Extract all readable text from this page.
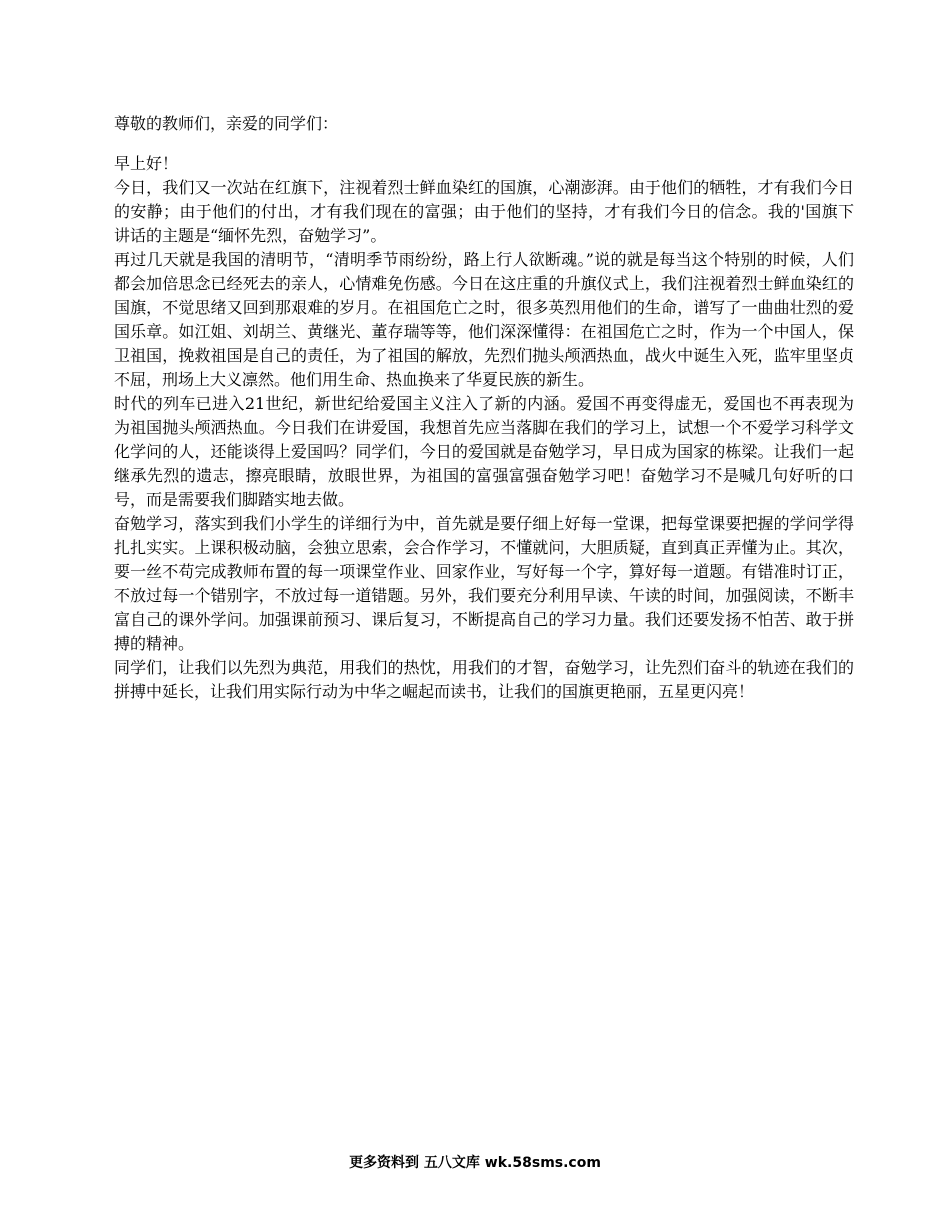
尊敬的教师们，亲爱的同学们：

早上好！

今日，我们又一次站在红旗下，注视着烈士鲜血染红的国旗，心潮澎湃。由于他们的牺牲，才有我们今日的安静；由于他们的付出，才有我们现在的富强；由于他们的坚持，才有我们今日的信念。我的'国旗下讲话的主题是“缅怀先烈，奋勉学习”。

再过几天就是我国的清明节，“清明季节雨纷纷，路上行人欲断魂。”说的就是每当这个特别的时候，人们都会加倍思念已经死去的亲人，心情难免伤感。今日在这庄重的升旗仪式上，我们注视着烈士鲜血染红的国旗，不觉思绪又回到那艰难的岁月。在祖国危亡之时，很多英烈用他们的生命，谱写了一曲曲壮烈的爱国乐章。如江姐、刘胡兰、黄继光、董存瑞等等，他们深深懂得：在祖国危亡之时，作为一个中国人，保卫祖国，挽救祖国是自己的责任，为了祖国的解放，先烈们抛头颅洒热血，战火中诞生入死，监牢里坚贞不屈，刑场上大义凛然。他们用生命、热血换来了华夏民族的新生。

时代的列车已进入21世纪，新世纪给爱国主义注入了新的内涵。爱国不再变得虚无，爱国也不再表现为为祖国抛头颅洒热血。今日我们在讲爱国，我想首先应当落脚在我们的学习上，试想一个不爱学习科学文化学问的人，还能谈得上爱国吗？同学们，今日的爱国就是奋勉学习，早日成为国家的栋梁。让我们一起继承先烈的遗志，擦亮眼睛，放眼世界，为祖国的富强富强奋勉学习吧！奋勉学习不是喊几句好听的口号，而是需要我们脚踏实地去做。

奋勉学习，落实到我们小学生的详细行为中，首先就是要仔细上好每一堂课，把每堂课要把握的学问学得扎扎实实。上课积极动脑，会独立思索，会合作学习，不懂就问，大胆质疑，直到真正弄懂为止。其次，要一丝不苟完成教师布置的每一项课堂作业、回家作业，写好每一个字，算好每一道题。有错准时订正，不放过每一个错别字，不放过每一道错题。另外，我们要充分利用早读、午读的时间，加强阅读，不断丰富自己的课外学问。加强课前预习、课后复习，不断提高自己的学习力量。我们还要发扬不怕苦、敢于拼搏的精神。

同学们，让我们以先烈为典范，用我们的热忱，用我们的才智，奋勉学习，让先烈们奋斗的轨迹在我们的拼搏中延长，让我们用实际行动为中华之崛起而读书，让我们的国旗更艳丽，五星更闪亮！

更多资料到 五八文库 wk.58sms.com
